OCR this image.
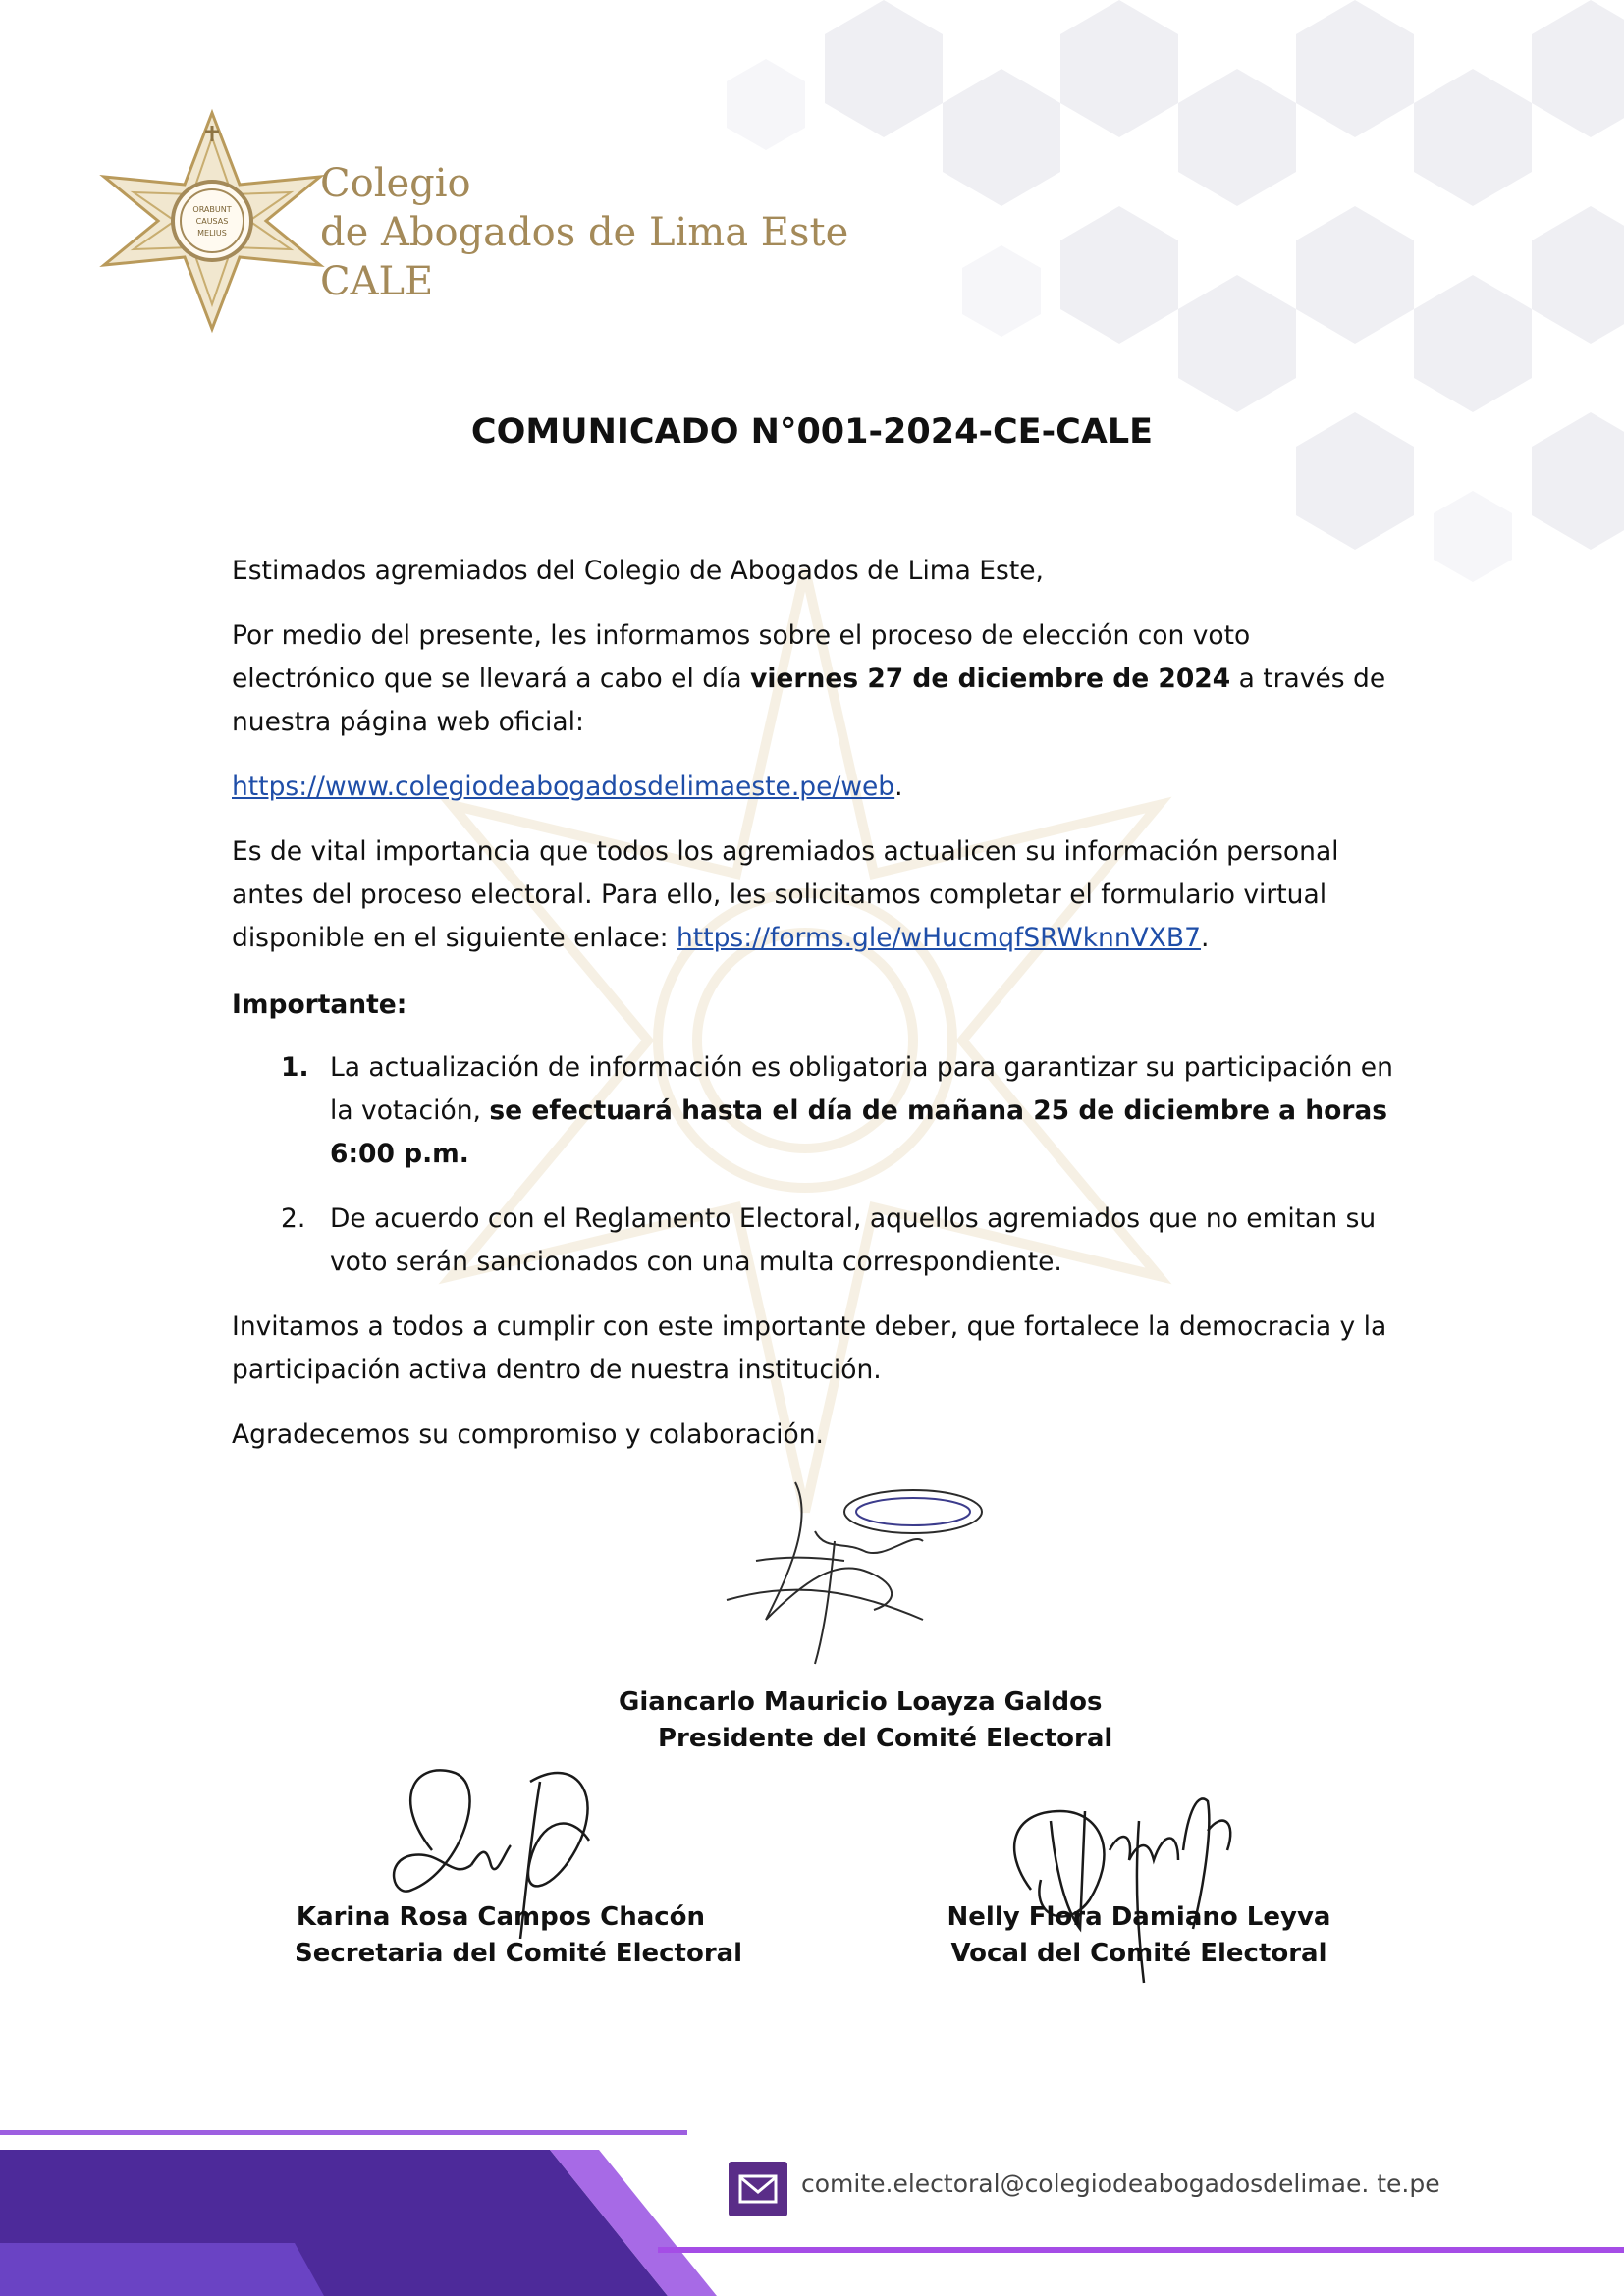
ORABUNT
CAUSAS
MELIUS
Colegio
de Abogados de Lima Este
CALE
COMUNICADO N°001-2024-CE-CALE

Estimados agremiados del Colegio de Abogados de Lima Este,

Por medio del presente, les informamos sobre el proceso de elección con voto electrónico que se llevará a cabo el día viernes 27 de diciembre de 2024 a través de nuestra página web oficial:

https://www.colegiodeabogadosdelimaeste.pe/web.

Es de vital importancia que todos los agremiados actualicen su información personal antes del proceso electoral. Para ello, les solicitamos completar el formulario virtual disponible en el siguiente enlace: https://forms.gle/wHucmqfSRWknnVXB7.

Importante:

1. La actualización de información es obligatoria para garantizar su participación en la votación, se efectuará hasta el día de mañana 25 de diciembre a horas 6:00 p.m.
2. De acuerdo con el Reglamento Electoral, aquellos agremiados que no emitan su voto serán sancionados con una multa correspondiente.

Invitamos a todos a cumplir con este importante deber, que fortalece la democracia y la participación activa dentro de nuestra institución.

Agradecemos su compromiso y colaboración.

Giancarlo Mauricio Loayza Galdos
Presidente del Comité Electoral
Karina Rosa Campos Chacón
Secretaria del Comité Electoral
Nelly Flora Damiano Leyva
Vocal del Comité Electoral
comite.electoral@colegiodeabogadosdelimae. te.pe
